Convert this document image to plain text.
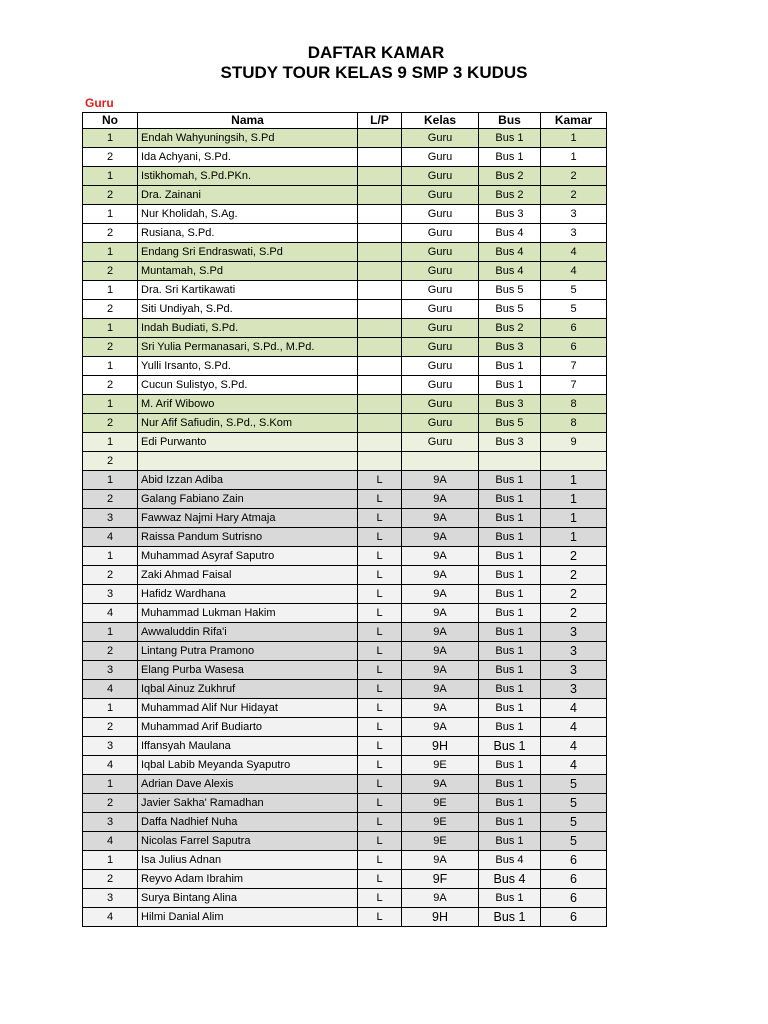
DAFTAR KAMAR
STUDY TOUR KELAS 9 SMP 3 KUDUS
Guru
No	Nama	L/P	Kelas	Bus	Kamar
1	Endah Wahyuningsih, S.Pd		Guru	Bus 1	1
2	Ida Achyani, S.Pd.		Guru	Bus 1	1
1	Istikhomah, S.Pd.PKn.		Guru	Bus 2	2
2	Dra. Zainani		Guru	Bus 2	2
1	Nur Kholidah, S.Ag.		Guru	Bus 3	3
2	Rusiana, S.Pd.		Guru	Bus 4	3
1	Endang Sri Endraswati, S.Pd		Guru	Bus 4	4
2	Muntamah, S.Pd		Guru	Bus 4	4
1	Dra. Sri Kartikawati		Guru	Bus 5	5
2	Siti Undiyah, S.Pd.		Guru	Bus 5	5
1	Indah Budiati, S.Pd.		Guru	Bus 2	6
2	Sri Yulia Permanasari, S.Pd., M.Pd.		Guru	Bus 3	6
1	Yulli Irsanto, S.Pd.		Guru	Bus 1	7
2	Cucun Sulistyo, S.Pd.		Guru	Bus 1	7
1	M. Arif Wibowo		Guru	Bus 3	8
2	Nur Afif Safiudin, S.Pd., S.Kom		Guru	Bus 5	8
1	Edi Purwanto		Guru	Bus 3	9
2					
1	Abid Izzan Adiba	L	9A	Bus 1	1
2	Galang Fabiano Zain	L	9A	Bus 1	1
3	Fawwaz Najmi Hary Atmaja	L	9A	Bus 1	1
4	Raissa Pandum Sutrisno	L	9A	Bus 1	1
1	Muhammad Asyraf Saputro	L	9A	Bus 1	2
2	Zaki Ahmad Faisal	L	9A	Bus 1	2
3	Hafidz Wardhana	L	9A	Bus 1	2
4	Muhammad Lukman Hakim	L	9A	Bus 1	2
1	Awwaluddin Rifa'i	L	9A	Bus 1	3
2	Lintang Putra Pramono	L	9A	Bus 1	3
3	Elang Purba Wasesa	L	9A	Bus 1	3
4	Iqbal Ainuz Zukhruf	L	9A	Bus 1	3
1	Muhammad Alif Nur Hidayat	L	9A	Bus 1	4
2	Muhammad Arif Budiarto	L	9A	Bus 1	4
3	Iffansyah Maulana	L	9H	Bus 1	4
4	Iqbal Labib Meyanda Syaputro	L	9E	Bus 1	4
1	Adrian Dave Alexis	L	9A	Bus 1	5
2	Javier Sakha' Ramadhan	L	9E	Bus 1	5
3	Daffa Nadhief Nuha	L	9E	Bus 1	5
4	Nicolas Farrel Saputra	L	9E	Bus 1	5
1	Isa Julius Adnan	L	9A	Bus 4	6
2	Reyvo Adam Ibrahim	L	9F	Bus 4	6
3	Surya Bintang Alina	L	9A	Bus 1	6
4	Hilmi Danial Alim	L	9H	Bus 1	6
